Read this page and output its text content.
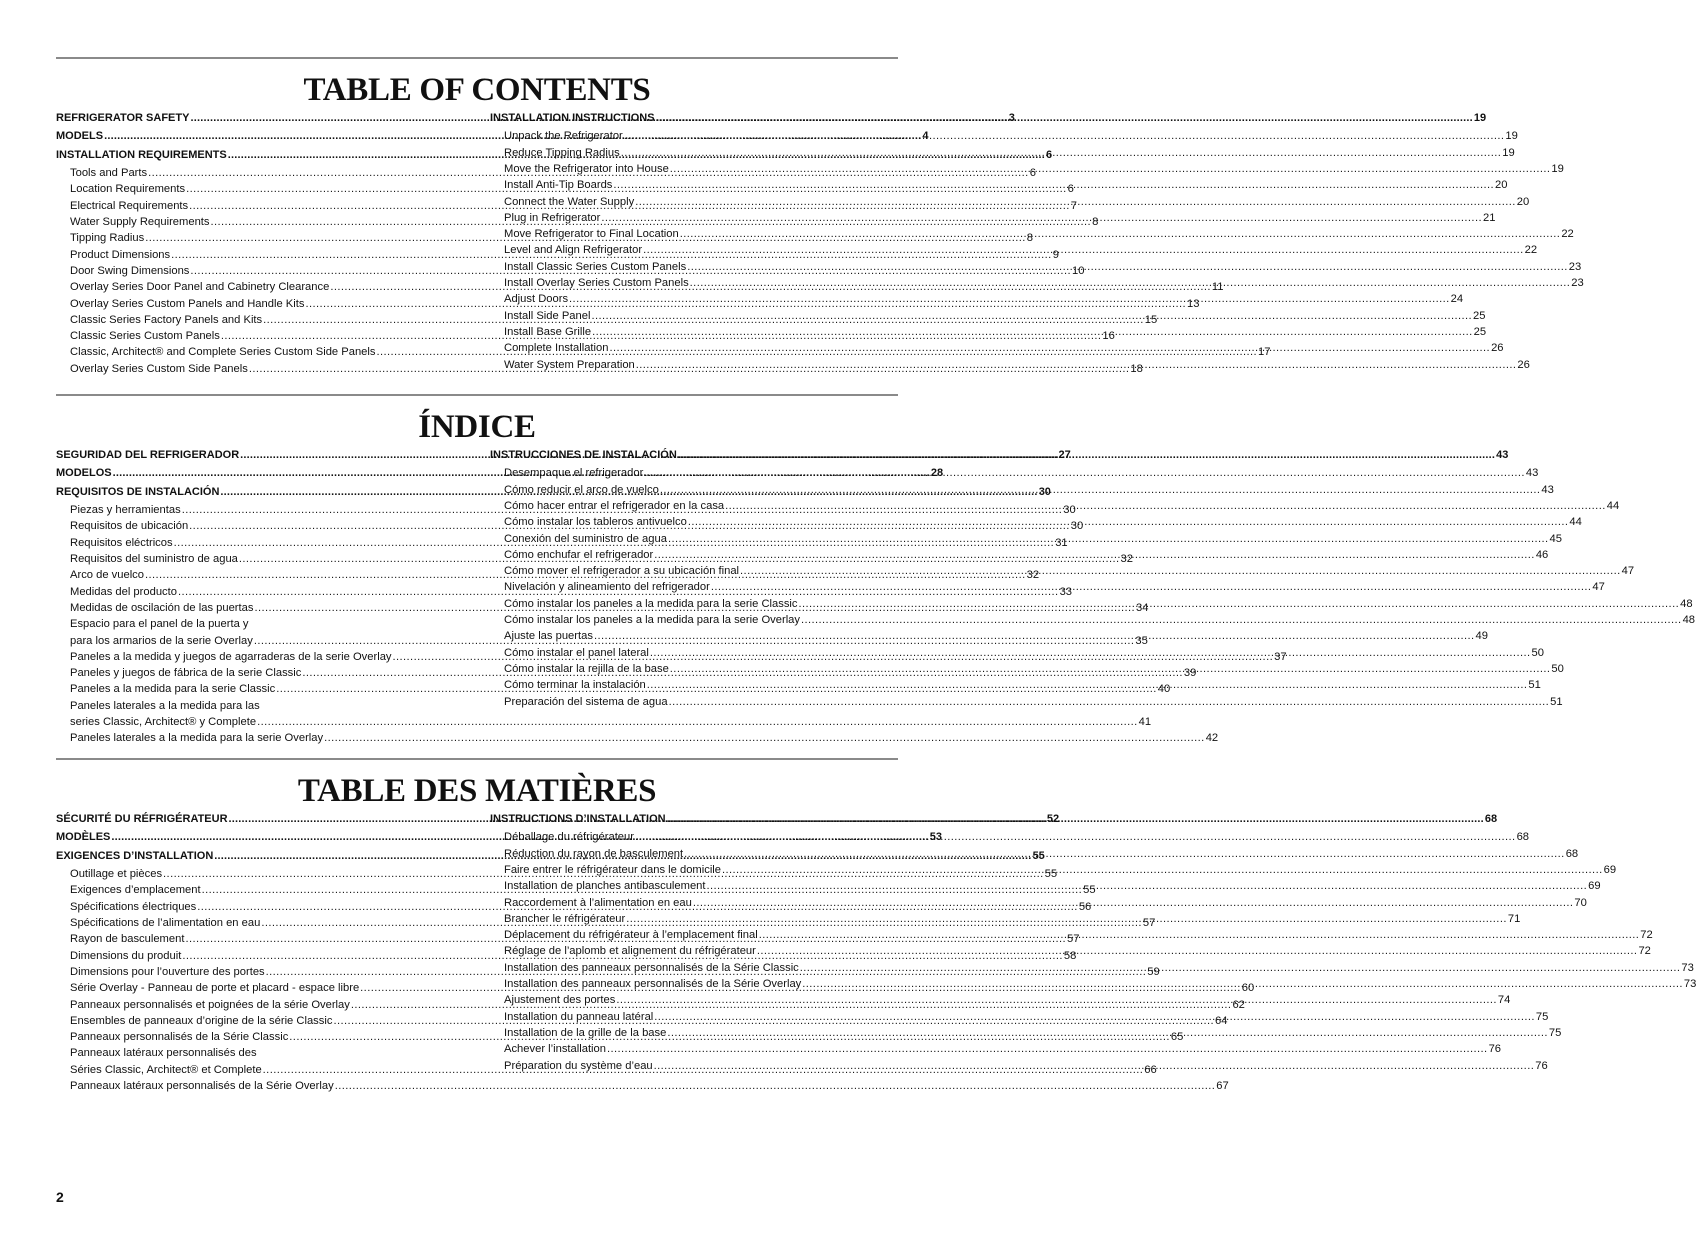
TABLE OF CONTENTS
REFRIGERATOR SAFETY .....	3
MODELS .....	4
INSTALLATION REQUIREMENTS .....	6
Tools and Parts .....	6
Location Requirements .....	6
Electrical Requirements .....	7
Water Supply Requirements .....	8
Tipping Radius .....	8
Product Dimensions .....	9
Door Swing Dimensions .....	10
Overlay Series Door Panel and Cabinetry Clearance .....	11
Overlay Series Custom Panels and Handle Kits .....	13
Classic Series Factory Panels and Kits .....	15
Classic Series Custom Panels .....	16
Classic, Architect® and Complete Series Custom Side Panels .....	17
Overlay Series Custom Side Panels .....	18
INSTALLATION INSTRUCTIONS .....	19
Unpack the Refrigerator .....	19
Reduce Tipping Radius .....	19
Move the Refrigerator into House .....	19
Install Anti-Tip Boards .....	20
Connect the Water Supply .....	20
Plug in Refrigerator .....	21
Move Refrigerator to Final Location .....	22
Level and Align Refrigerator .....	22
Install Classic Series Custom Panels .....	23
Install Overlay Series Custom Panels .....	23
Adjust Doors .....	24
Install Side Panel .....	25
Install Base Grille .....	25
Complete Installation .....	26
Water System Preparation .....	26
ÍNDICE
SEGURIDAD DEL REFRIGERADOR .....	27
MODELOS .....	28
REQUISITOS DE INSTALACIÓN .....	30
Piezas y herramientas .....	30
Requisitos de ubicación .....	30
Requisitos eléctricos .....	31
Requisitos del suministro de agua .....	32
Arco de vuelco .....	32
Medidas del producto .....	33
Medidas de oscilación de las puertas .....	34
Espacio para el panel de la puerta y
para los armarios de la serie Overlay .....	35
Paneles a la medida y juegos de agarraderas de la serie Overlay .....	37
Paneles y juegos de fábrica de la serie Classic .....	39
Paneles a la medida para la serie Classic .....	40
Paneles laterales a la medida para las
series Classic, Architect® y Complete .....	41
Paneles laterales a la medida para la serie Overlay .....	42
INSTRUCCIONES DE INSTALACIÓN .....	43
Desempaque el refrigerador .....	43
Cómo reducir el arco de vuelco .....	43
Cómo hacer entrar el refrigerador en la casa .....	44
Cómo instalar los tableros antivuelco .....	44
Conexión del suministro de agua .....	45
Cómo enchufar el refrigerador .....	46
Cómo mover el refrigerador a su ubicación final .....	47
Nivelación y alineamiento del refrigerador .....	47
Cómo instalar los paneles a la medida para la serie Classic .....	48
Cómo instalar los paneles a la medida para la serie Overlay .....	48
Ajuste las puertas .....	49
Cómo instalar el panel lateral .....	50
Cómo instalar la rejilla de la base .....	50
Cómo terminar la instalación .....	51
Preparación del sistema de agua .....	51
TABLE DES MATIÈRES
SÉCURITÉ DU RÉFRIGÉRATEUR .....	52
MODÈLES .....	53
EXIGENCES D’INSTALLATION .....	55
Outillage et pièces .....	55
Exigences d’emplacement .....	55
Spécifications électriques .....	56
Spécifications de l’alimentation en eau .....	57
Rayon de basculement .....	57
Dimensions du produit .....	58
Dimensions pour l’ouverture des portes .....	59
Série Overlay - Panneau de porte et placard - espace libre .....	60
Panneaux personnalisés et poignées de la série Overlay .....	62
Ensembles de panneaux d’origine de la série Classic .....	64
Panneaux personnalisés de la Série Classic .....	65
Panneaux latéraux personnalisés des
Séries Classic, Architect® et Complete .....	66
Panneaux latéraux personnalisés de la Série Overlay .....	67
INSTRUCTIONS D’INSTALLATION .....	68
Déballage du réfrigérateur .....	68
Réduction du rayon de basculement .....	68
Faire entrer le réfrigérateur dans le domicile .....	69
Installation de planches antibasculement .....	69
Raccordement à l’alimentation en eau .....	70
Brancher le réfrigérateur .....	71
Déplacement du réfrigérateur à l’emplacement final .....	72
Réglage de l’aplomb et alignement du réfrigérateur .....	72
Installation des panneaux personnalisés de la Série Classic .....	73
Installation des panneaux personnalisés de la Série Overlay .....	73
Ajustement des portes .....	74
Installation du panneau latéral .....	75
Installation de la grille de la base .....	75
Achever l’installation .....	76
Préparation du système d’eau .....	76
2
